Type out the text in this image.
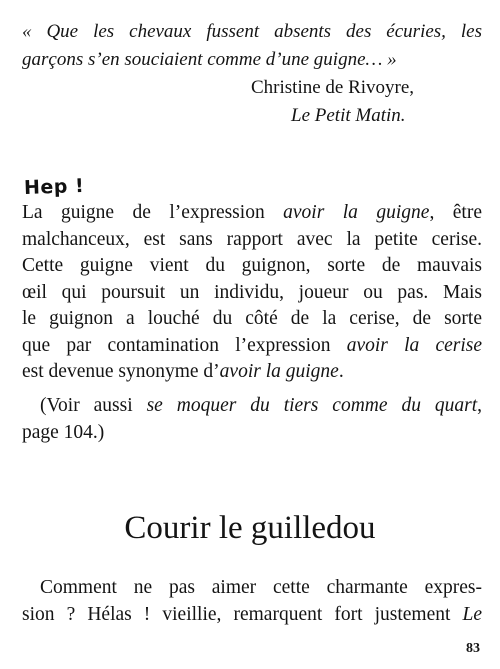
« Que les chevaux fussent absents des écuries, les
garçons s’en souciaient comme d’une guigne… »
Christine de Rivoyre,
Le Petit Matin.
Hep !
La guigne de l’expression avoir la guigne, être
malchanceux, est sans rapport avec la petite cerise.
Cette guigne vient du guignon, sorte de mauvais
œil qui poursuit un individu, joueur ou pas. Mais
le guignon a louché du côté de la cerise, de sorte
que par contamination l’expression avoir la cerise
est devenue synonyme d’avoir la guigne.
(Voir aussi se moquer du tiers comme du quart,
page 104.)
Courir le guilledou
Comment ne pas aimer cette charmante expres-
sion ? Hélas ! vieillie, remarquent fort justement Le
83
